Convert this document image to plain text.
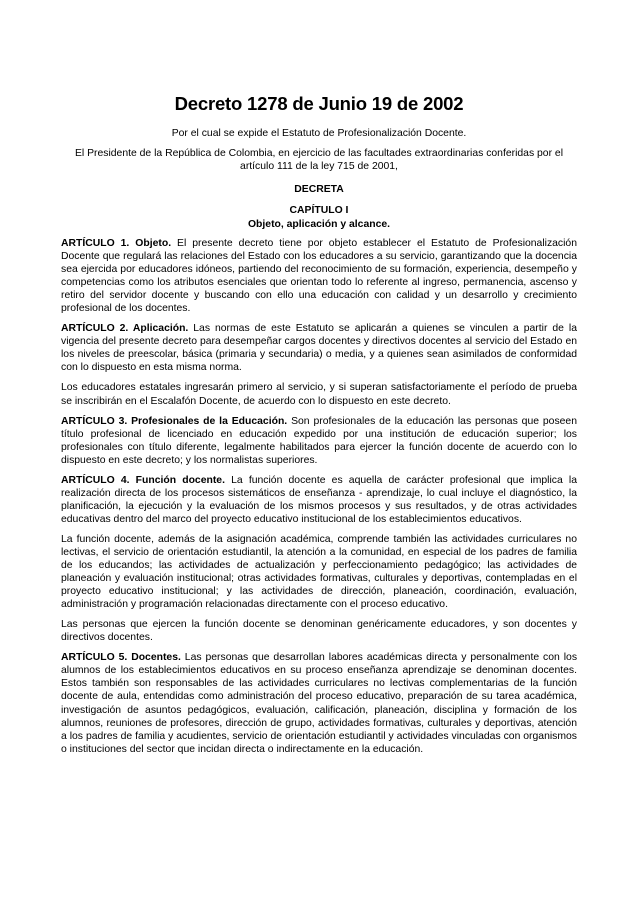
Decreto 1278 de Junio 19 de 2002
Por el cual se expide el Estatuto de Profesionalización Docente.
El Presidente de la República de Colombia, en ejercicio de las facultades extraordinarias conferidas por el artículo 111 de la ley 715 de 2001,
DECRETA
CAPÍTULO I
Objeto, aplicación y alcance.

ARTÍCULO 1. Objeto. El presente decreto tiene por objeto establecer el Estatuto de Profesionalización Docente que regulará las relaciones del Estado con los educadores a su servicio, garantizando que la docencia sea ejercida por educadores idóneos, partiendo del reconocimiento de su formación, experiencia, desempeño y competencias como los atributos esenciales que orientan todo lo referente al ingreso, permanencia, ascenso y retiro del servidor docente y buscando con ello una educación con calidad y un desarrollo y crecimiento profesional de los docentes.

ARTÍCULO 2. Aplicación. Las normas de este Estatuto se aplicarán a quienes se vinculen a partir de la vigencia del presente decreto para desempeñar cargos docentes y directivos docentes al servicio del Estado en los niveles de preescolar, básica (primaria y secundaria) o media, y a quienes sean asimilados de conformidad con lo dispuesto en esta misma norma.

Los educadores estatales ingresarán primero al servicio, y si superan satisfactoriamente el período de prueba se inscribirán en el Escalafón Docente, de acuerdo con lo dispuesto en este decreto.

ARTÍCULO 3. Profesionales de la Educación. Son profesionales de la educación las personas que poseen título profesional de licenciado en educación expedido por una institución de educación superior; los profesionales con título diferente, legalmente habilitados para ejercer la función docente de acuerdo con lo dispuesto en este decreto; y los normalistas superiores.

ARTÍCULO 4. Función docente. La función docente es aquella de carácter profesional que implica la realización directa de los procesos sistemáticos de enseñanza - aprendizaje, lo cual incluye el diagnóstico, la planificación, la ejecución y la evaluación de los mismos procesos y sus resultados, y de otras actividades educativas dentro del marco del proyecto educativo institucional de los establecimientos educativos.

La función docente, además de la asignación académica, comprende también las actividades curriculares no lectivas, el servicio de orientación estudiantil, la atención a la comunidad, en especial de los padres de familia de los educandos; las actividades de actualización y perfeccionamiento pedagógico; las actividades de planeación y evaluación institucional; otras actividades formativas, culturales y deportivas, contempladas en el proyecto educativo institucional; y las actividades de dirección, planeación, coordinación, evaluación, administración y programación relacionadas directamente con el proceso educativo.

Las personas que ejercen la función docente se denominan genéricamente educadores, y son docentes y directivos docentes.

ARTÍCULO 5. Docentes. Las personas que desarrollan labores académicas directa y personalmente con los alumnos de los establecimientos educativos en su proceso enseñanza aprendizaje se denominan docentes. Estos también son responsables de las actividades curriculares no lectivas complementarias de la función docente de aula, entendidas como administración del proceso educativo, preparación de su tarea académica, investigación de asuntos pedagógicos, evaluación, calificación, planeación, disciplina y formación de los alumnos, reuniones de profesores, dirección de grupo, actividades formativas, culturales y deportivas, atención a los padres de familia y acudientes, servicio de orientación estudiantil y actividades vinculadas con organismos o instituciones del sector que incidan directa o indirectamente en la educación.
